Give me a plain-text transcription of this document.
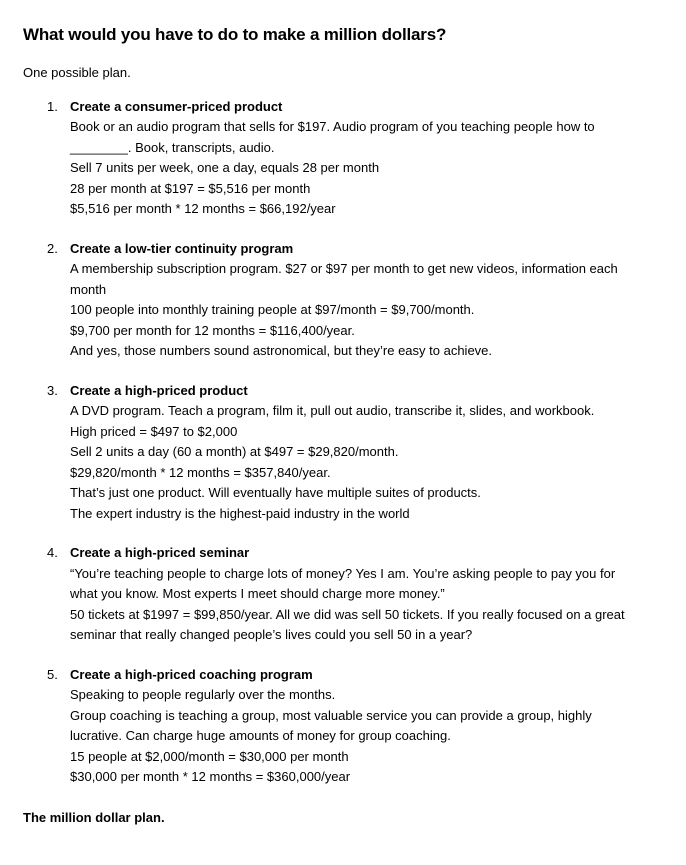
What would you have to do to make a million dollars?

One possible plan.

1. Create a consumer-priced product
Book or an audio program that sells for $197. Audio program of you teaching people how to
________. Book, transcripts, audio.
Sell 7 units per week, one a day, equals 28 per month
28 per month at $197 = $5,516 per month
$5,516 per month * 12 months = $66,192/year
2. Create a low-tier continuity program
A membership subscription program. $27 or $97 per month to get new videos, information each
month
100 people into monthly training people at $97/month = $9,700/month.
$9,700 per month for 12 months = $116,400/year.
And yes, those numbers sound astronomical, but they’re easy to achieve.
3. Create a high-priced product
A DVD program. Teach a program, film it, pull out audio, transcribe it, slides, and workbook.
High priced = $497 to $2,000
Sell 2 units a day (60 a month) at $497 = $29,820/month.
$29,820/month * 12 months = $357,840/year.
That’s just one product. Will eventually have multiple suites of products.
The expert industry is the highest-paid industry in the world
4. Create a high-priced seminar
“You’re teaching people to charge lots of money? Yes I am. You’re asking people to pay you for
what you know. Most experts I meet should charge more money.”
50 tickets at $1997 = $99,850/year. All we did was sell 50 tickets. If you really focused on a great
seminar that really changed people’s lives could you sell 50 in a year?
5. Create a high-priced coaching program
Speaking to people regularly over the months.
Group coaching is teaching a group, most valuable service you can provide a group, highly
lucrative. Can charge huge amounts of money for group coaching.
15 people at $2,000/month = $30,000 per month
$30,000 per month * 12 months = $360,000/year
The million dollar plan.
